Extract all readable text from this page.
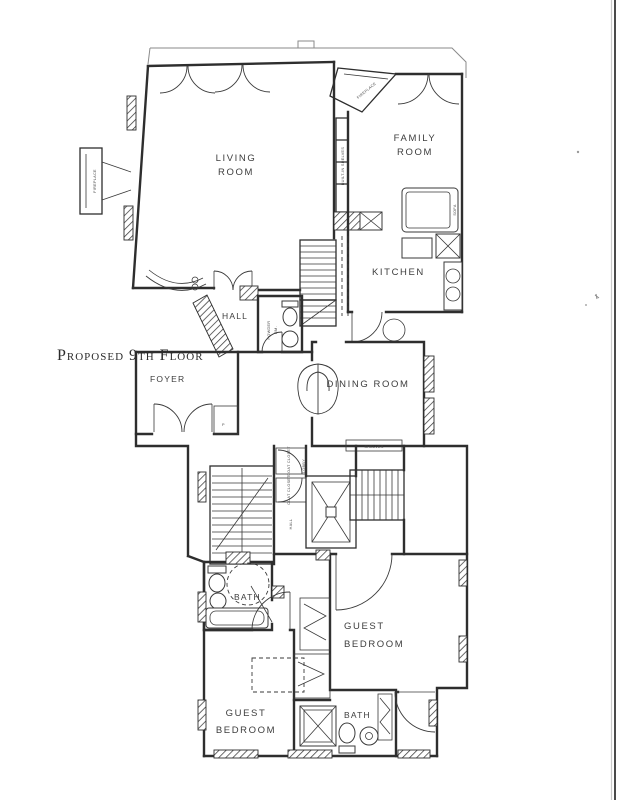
LIVING
ROOM
FIREPLACE
FIREPLACE
FAMILY
ROOM
SOFA
BUILT-IN SHELVES
KITCHEN
HALL
POWDER RM.
FOYER
P
DINING ROOM
SHELVES
COAT CLOSET
COAT CLOSET
LOBBY
HALL
BATH
GUEST
BEDROOM
GUEST
BEDROOM
BATH
Proposed 9th Floor
